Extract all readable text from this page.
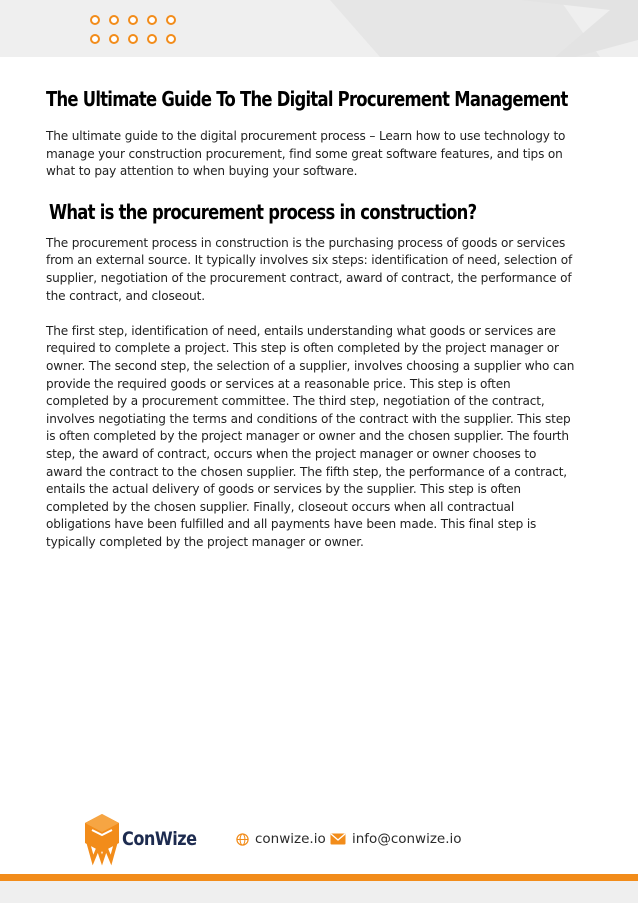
The Ultimate Guide To The Digital Procurement Management

The ultimate guide to the digital procurement process – Learn how to use technology to manage your construction procurement, find some great software features, and tips on what to pay attention to when buying your software.

What is the procurement process in construction?

The procurement process in construction is the purchasing process of goods or services from an external source. It typically involves six steps: identification of need, selection of supplier, negotiation of the procurement contract, award of contract, the performance of the contract, and closeout.

The first step, identification of need, entails understanding what goods or services are required to complete a project. This step is often completed by the project manager or owner. The second step, the selection of a supplier, involves choosing a supplier who can provide the required goods or services at a reasonable price. This step is often completed by a procurement committee. The third step, negotiation of the contract, involves negotiating the terms and conditions of the contract with the supplier. This step is often completed by the project manager or owner and the chosen supplier. The fourth step, the award of contract, occurs when the project manager or owner chooses to award the contract to the chosen supplier. The fifth step, the performance of a contract, entails the actual delivery of goods or services by the supplier. This step is often completed by the chosen supplier. Finally, closeout occurs when all contractual obligations have been fulfilled and all payments have been made. This final step is typically completed by the project manager or owner.

ConWize	conwize.io info@conwize.io
